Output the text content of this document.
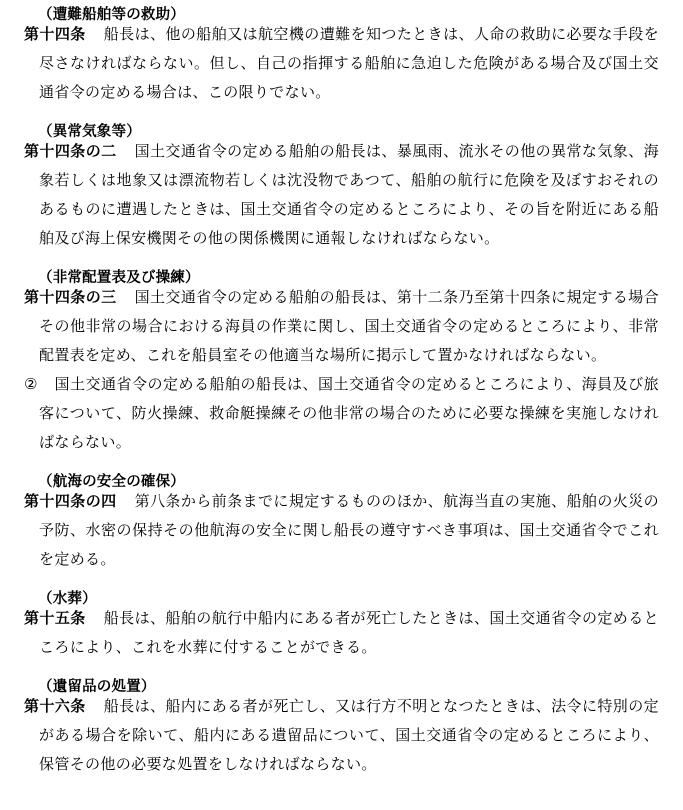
（遭難船舶等の救助）

第十四条 船長は、他の船舶又は航空機の遭難を知つたときは、人命の救助に必要な手段を尽さなければならない。但し、自己の指揮する船舶に急迫した危険がある場合及び国土交通省令の定める場合は、この限りでない。

（異常気象等）

第十四条の二 国土交通省令の定める船舶の船長は、暴風雨、流氷その他の異常な気象、海象若しくは地象又は漂流物若しくは沈没物であつて、船舶の航行に危険を及ぼすおそれのあるものに遭遇したときは、国土交通省令の定めるところにより、その旨を附近にある船舶及び海上保安機関その他の関係機関に通報しなければならない。

（非常配置表及び操練）

第十四条の三 国土交通省令の定める船舶の船長は、第十二条乃至第十四条に規定する場合その他非常の場合における海員の作業に関し、国土交通省令の定めるところにより、非常配置表を定め、これを船員室その他適当な場所に掲示して置かなければならない。

② 国土交通省令の定める船舶の船長は、国土交通省令の定めるところにより、海員及び旅客について、防火操練、救命艇操練その他非常の場合のために必要な操練を実施しなければならない。

（航海の安全の確保）

第十四条の四 第八条から前条までに規定するもののほか、航海当直の実施、船舶の火災の予防、水密の保持その他航海の安全に関し船長の遵守すべき事項は、国土交通省令でこれを定める。

（水葬）

第十五条 船長は、船舶の航行中船内にある者が死亡したときは、国土交通省令の定めるところにより、これを水葬に付することができる。

（遺留品の処置）

第十六条 船長は、船内にある者が死亡し、又は行方不明となつたときは、法令に特別の定がある場合を除いて、船内にある遺留品について、国土交通省令の定めるところにより、保管その他の必要な処置をしなければならない。
